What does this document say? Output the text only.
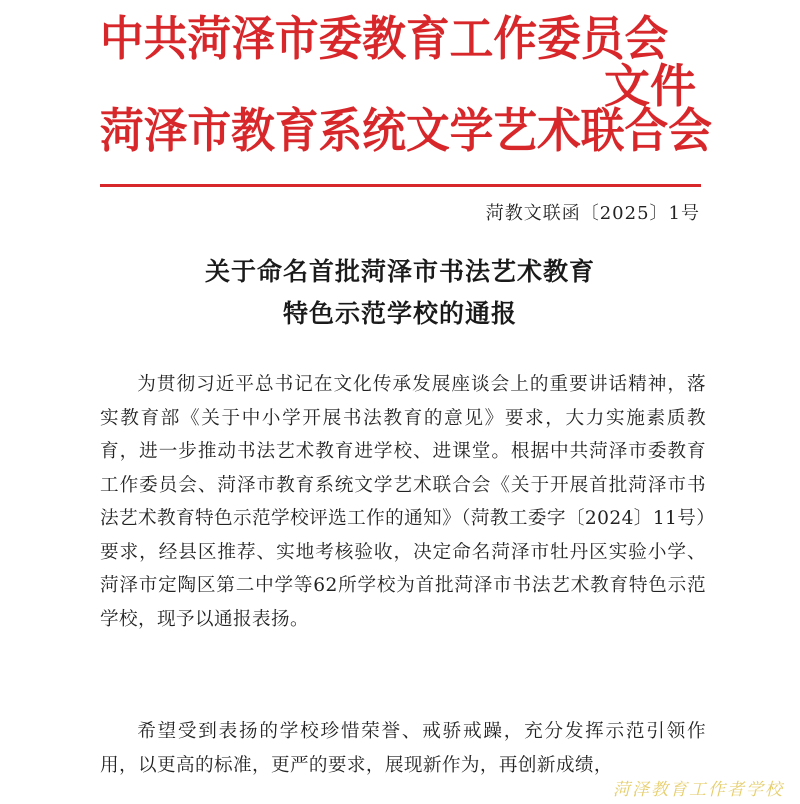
中共菏泽市委教育工作委员会
文件
菏泽市教育系统文学艺术联合会
菏教文联函〔2025〕1号
关于命名首批菏泽市书法艺术教育
特色示范学校的通报

为贯彻习近平总书记在文化传承发展座谈会上的重要讲话精神，落实教育部《关于中小学开展书法教育的意见》要求，大力实施素质教育，进一步推动书法艺术教育进学校、进课堂。根据中共菏泽市委教育工作委员会、菏泽市教育系统文学艺术联合会《关于开展首批菏泽市书法艺术教育特色示范学校评选工作的通知》（菏教工委字〔2024〕11号）要求，经县区推荐、实地考核验收，决定命名菏泽市牡丹区实验小学、菏泽市定陶区第二中学等62所学校为首批菏泽市书法艺术教育特色示范学校，现予以通报表扬。

希望受到表扬的学校珍惜荣誉、戒骄戒躁，充分发挥示范引领作用，以更高的标准，更严的要求，展现新作为，再创新成绩，

菏泽教育工作者学校
